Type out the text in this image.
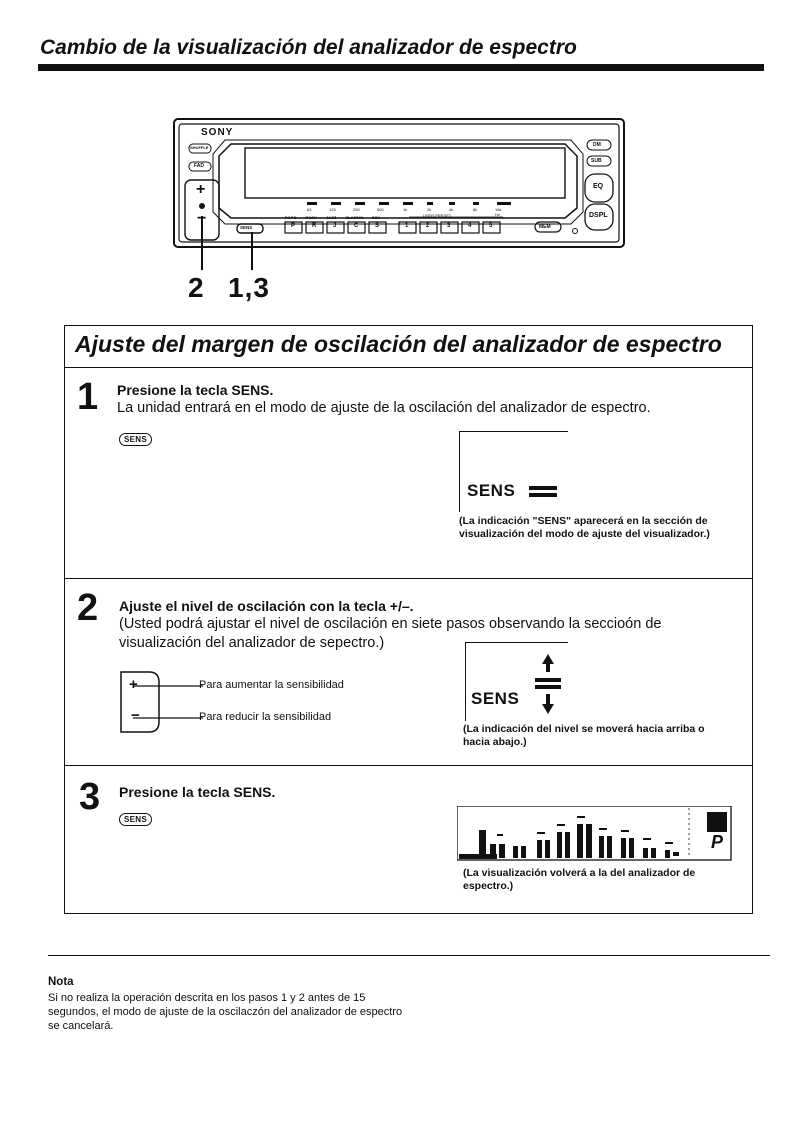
Cambio de la visualización del analizador de espectro
SONY
SHUFFLE
FAD
+
−
DM
SUB
EQ
DSPL
SENS	MEM
USER PRESET
POPS ROCK JAZZ CLASSIC DSK
P	R	J	C	S	1	2	3	4	5
63	125	250	500	1k	2k	4k	8k	16k Hz
2 1,3
Ajuste del margen de oscilación del analizador de espectro
1 Presione la tecla SENS.
La unidad entrará en el modo de ajuste de la oscilación del analizador de espectro.
SENS
SENS
(La indicación "SENS" aparecerá en la sección de visualización del modo de ajuste del visualizador.)
2 Ajuste el nivel de oscilación con la tecla +/–.
(Usted podrá ajustar el nivel de oscilación en siete pasos observando la seccioón de visualización del analizador de sepectro.)
+
−
Para aumentar la sensibilidad
Para reducir la sensibilidad
SENS
(La indicación del nivel se moverá hacia arriba o hacia abajo.)
3 Presione la tecla SENS.
SENS
P
(La visualización volverá a la del analizador de espectro.)
Nota
Si no realiza la operación descrita en los pasos 1 y 2 antes de 15 segundos, el modo de ajuste de la oscilaczón del analizador de espectro se cancelará.
